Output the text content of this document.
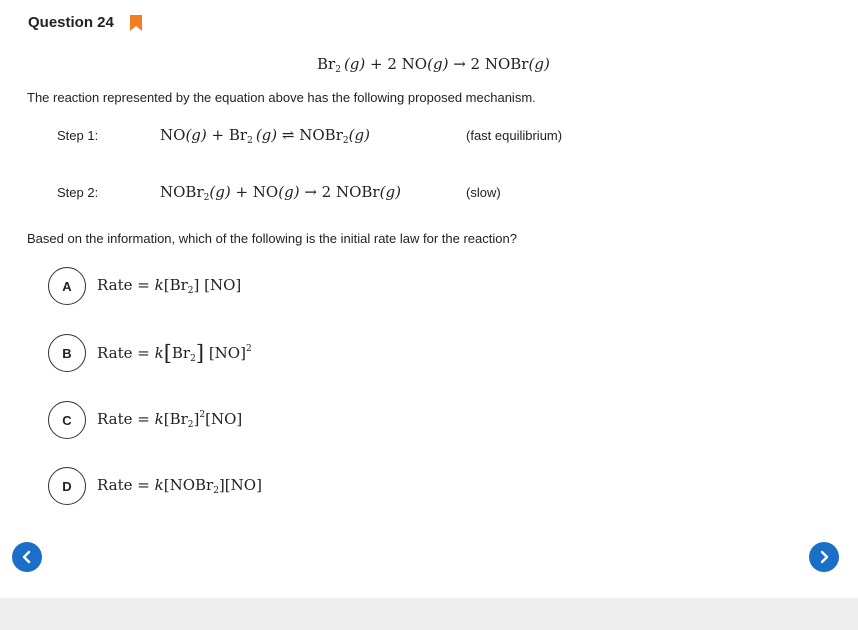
Question 24
$Br_2$  (g) + 2 NO(g) → 2 NOBr(g)
The reaction represented by the equation above has the following proposed mechanism.
Step 1:	$NO(g) + Br_2$  (g) ⇌ NOBr$_2$(g)	(fast equilibrium)
Step 2:	NOBr$_2$(g) + NO(g) → 2 NOBr(g)	(slow)
Based on the information, which of the following is the initial rate law for the reaction?
A	Rate = $k[Br_2]$ [NO]
B	Rate = $k[Br_2]$ [NO]$^2$
C	Rate = $k[Br_2]^2[NO]$
D	Rate = k[NOBr$_2$][NO]
